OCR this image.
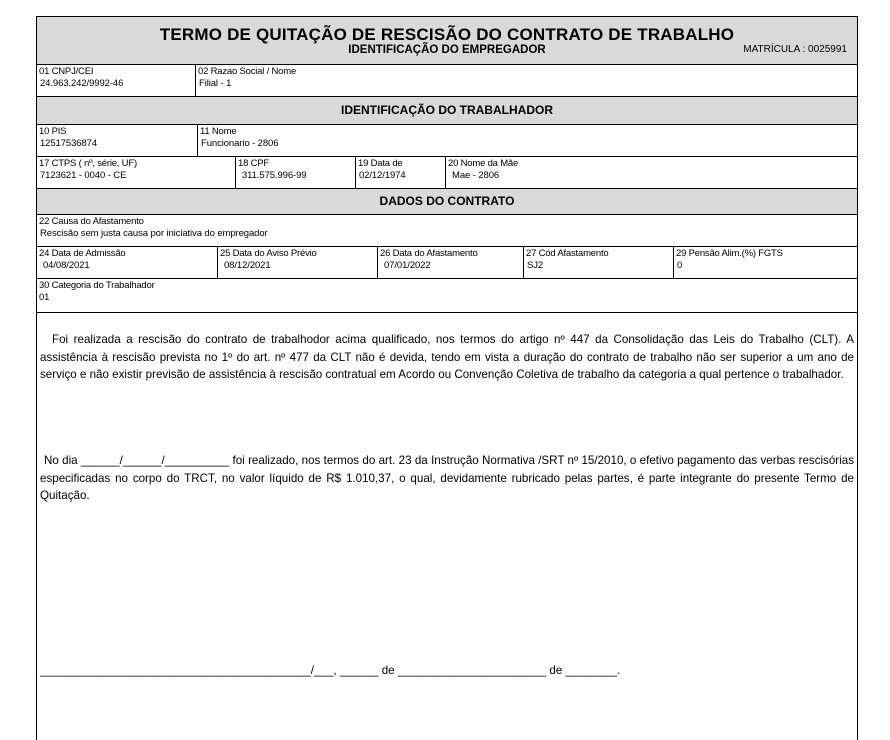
TERMO DE QUITAÇÃO DE RESCISÃO DO CONTRATO DE TRABALHO
IDENTIFICAÇÃO DO EMPREGADOR	MATRÍCULA : 0025991
01 CNPJ/CEI
24.963.242/9992-46
02 Razao Social / Nome
Filial - 1
IDENTIFICAÇÃO DO TRABALHADOR
10 PIS
12517536874
11 Nome
Funcionario - 2806
17 CTPS ( nº, série, UF)
7123621 - 0040 - CE
18 CPF
311.575.996-99
19 Data de
02/12/1974
20 Nome da Mãe
Mae - 2806
DADOS DO CONTRATO
22 Causa do Afastamento
Rescisão sem justa causa por iniciativa do empregador
24 Data de Admissão
04/08/2021
25 Data do Aviso Prévio
08/12/2021
26 Data do Afastamento
07/01/2022
27 Cód Afastamento
SJ2
29 Pensão Alim.(%) FGTS
0
30 Categoria do Trabalhador
01
Foi realizada a rescisão do contrato de trabalhodor acima qualificado, nos termos do artigo nº 447 da Consolidação das Leis do Trabalho (CLT). A assistência à rescisão prevista no 1º do art. nº 477 da CLT não é devida, tendo em vista a duração do contrato de trabalho não ser superior a um ano de serviço e não existir previsão de assistência à rescisão contratual em Acordo ou Convenção Coletiva de trabalho da categoria a qual pertence o trabalhador.
No dia ______/______/__________ foi realizado, nos termos do art. 23 da Instrução Normativa /SRT nº 15/2010, o efetivo pagamento das verbas rescisórias especificadas no corpo do TRCT, no valor líquido de R$ 1.010,37, o qual, devidamente rubricado pelas partes, é parte integrante do presente Termo de Quitação.
__________________________________________/___, ______ de _______________________ de ________.
